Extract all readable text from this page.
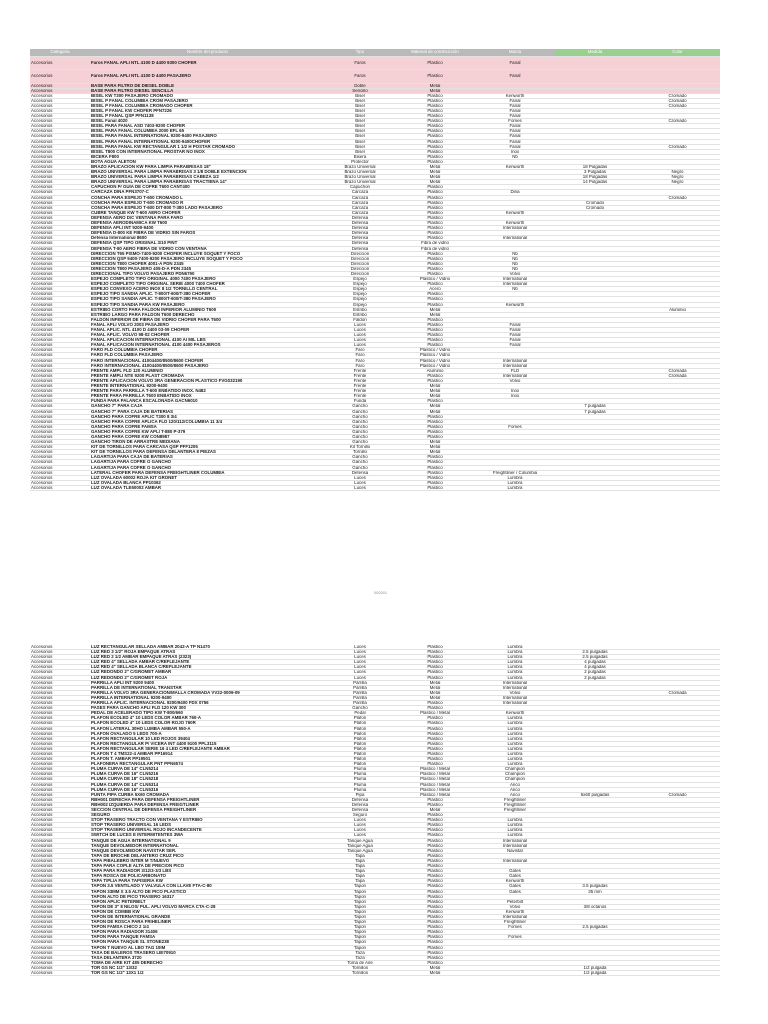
Categoría	Nombre del producto	Tipo	Material de construcción	Marca	Medida	Color
Accesorios	Faros FANAL APLI NTL 4100 D 4400 9300 CHOFER	Faros	Plastico	Fanal		
Accesorios	Faros FANAL APLI NTL 4100 D 4400 PASAJERO	Faros	Plastico	Fanal		
Accesorios	BASE PARA FILTRO DE DIESEL DOBLE	Doble	Metal			
Accesorios	BASE PARA FILTRO DIESEL SENCILLA	Sencillo	Metal			
Accesorios	BISEL KW T300 PASAJERO CROMADO	Bisel	Plastico	Kenworth		Cromado
Accesorios	BISEL P FANAL COLUMBIA CROM PASAJERO	Bisel	Plastico	Fanal		Cromado
Accesorios	BISEL P FANAL COLUMBIA CROMADO CHOFER	Bisel	Plastico	Fanal		Cromado
Accesorios	BISEL P FANAL KW CHOFER PFN7226	Bisel	Plastico	Fanal		
Accesorios	BISEL P FANAL QSP PFN1138	Bisel	Plastico	Fanal		
Accesorios	BISEL Fanal 4020	Bisel	Plastico	Fomes		Cromado
Accesorios	BISEL PARA FANAL ASD 7403-9200 CHOFER	Bisel	Plastico	Fanal		
Accesorios	BISEL PARA FANAL COLUMBIA 2000 EFL 65	Bisel	Plastico	Fanal		
Accesorios	BISEL PARA FANAL INTERNATIONAL 9200-9400 PASAJERO	Bisel	Plastico	Fanal		
Accesorios	BISEL PARA FANAL INTERNATIONAL 9200-9400CHOFER	Bisel	Plastico	Fanal		
Accesorios	BISEL PARA FANAL KW RECTANGULAR 1 1/2 H POSTAR CROMADO	Bisel	Plastico	Fanal		Cromado
Accesorios	BISEL T800 CON INTERNATIONAL PROSTAR NO INOX	Bisel	Plastico	Inox		
Accesorios	BICERA F800	Bisera	Plastico	Nb		
Accesorios	BOTA AGUA ALETON	Protector	Plastico			
Accesorios	BRAZO APLICACION KW PARA LIMPIA PARABRISAS 18"	Brazo Universal	Metal	Kenworth	18 Pulgadas	
Accesorios	BRAZO UNIVERSAL PARA LIMPIA PARABRISAS 3 1/8 DOBLE EXTENCION	Brazo Universal	Metal		3 Pulgadas	Negro
Accesorios	BRAZO UNIVERSAL PARA LIMPIA PARABRISAS CABEZA 1/2	Brazo Universal	Metal		18 Pulgadas	Negro
Accesorios	BRAZO UNIVERSAL PARA LIMPIA PARABRISAS TRACTIENA 14"	Brazo Universal	Metal		14 Pulgadas	Negro
Accesorios	CAPUCHON P/ GUIA DE COFRE T600 CANT400	Capuchon	Plastico			
Accesorios	CARCAZA DINA PFN3707-C	Carcaza	Plastico	Dina		
Accesorios	CONCHA PARA ESPEJO T-600 CROMADO L	Carcaza	Plastico			Cromado
Accesorios	CONCHA PARA ESPEJO T-600 CROMADO R	Carcaza	Plastico		Cromado	
Accesorios	CONCHA PARA ESPEJO T-600 D/T-800 T-380 LADO PASAJERO	Carcaza	Plastico		Cromado	
Accesorios	CUBRE TANQUE KW T-600 AERO CHOFER	Carcaza	Plastico	Kenworth		
Accesorios	DEFENSA AERO D/C VENTANA PARA FARO	Defensa	Plastico			
Accesorios	DEFENSA AERODINAMICA KW T600	Defensa	Plastico	Kenworth		
Accesorios	DEFENSA APLI INT 9200-9400	Defensa	Plastico	International		
Accesorios	DEFENSA D-800 KE FIBRA DE VIDRIO SIN FAROS	Defensa	Plastico			
Accesorios	Defensa International 8600	Defensa	Plastico	International		
Accesorios	DEFENSA QSP TIPO ORIGINAL 3/10 PINT	Defensa	Fibra de vidrio			
Accesorios	DEFENSA T-80 AERO FIBRA DE VIDRIO CON VENTANA	Defensa	Fibra de vidrio			
Accesorios	DIRECCION T65 PISMO-7400-9200 CHOFER INCLUYE SOQUET Y FOCO	Direccion	Plastico	Nb		
Accesorios	DIRECCION QSP 9400-7400-9200 PASAJERO INCLUYE SOQUET Y FOCO	Direccion	Plastico	Nb		
Accesorios	DIRECCION T800 CHOFER 4001-A PDN 2345	Direccion	Plastico	Nb		
Accesorios	DIRECCION T800 PASAJERO 405-D-A PDN 2345	Direccion	Plastico	Nb		
Accesorios	DIRECCIONAL TIPO VOLVO PASAJERO PDN6790	Direccion	Plastico	Volvo		
Accesorios	ESPEJO COMPLETO TIPO ORIGINAL 4000 7400 PASAJERO	Espejo	Plastico / Vidrio	International		
Accesorios	ESPEJO COMPLETO TIPO ORIGINAL SERIE 4000 7400 CHOFER	Espejo	Plastico	International		
Accesorios	ESPEJO CONVEXO ACERO INOX 8 1/2 TORNILLO CENTRAL	Espejo	Acero	Nb		
Accesorios	ESPEJO TIPO SANDIA APLIC. T-800/T-600/T-380 CHOFER	Espejo	Plastico			
Accesorios	ESPEJO TIPO SANDIA APLIC. T-800/T-600/T-380 PASAJERO	Espejo	Plastico			
Accesorios	ESPEJO TIPO SANDIA PARA KW PASAJERO	Espejo	Plastico	Kenworth		
Accesorios	ESTRIBO CORTO PARA FALDON INFERIOR ALUMINIO T600	Estribo	Metal			Aluminio
Accesorios	ESTRIBO LARGO PARA FALDON T600 DERECHO	Estribo	Metal			
Accesorios	FALDON INFERIOR DE FIBRA DE VIDRIO CHOFER PARA T600	Faldon	Plastico			
Accesorios	FANAL APLI VOLVO 2003 PASAJERO	Luces	Plastico	Fanal		
Accesorios	FANAL APLIC. NTL 4100 D 4400 03-09 CHOFER	Luces	Plastico	Fanal		
Accesorios	FANAL APLIC. VOLVO 98-02 CHOFER	Luces	Plastico	Fanal		
Accesorios	FANAL APLICACION INTERNATIONAL 4100 AI MIL LBS	Luces	Plastico	Fanal		
Accesorios	FANAL APLICACION INTERNATIONAL 4100 4400 PASAJEROS	Luces	Plastico	Fanal		
Accesorios	FARO FLD COLUMBIA CHOFER	Faro	Plastico / Vidrio			
Accesorios	FARO FLD COLUMBIA PASAJERO	Faro	Plastico / Vidrio			
Accesorios	FARO INTERNACIONAL 41004400/8500/8600 CHOFER	Faro	Plastico / Vidrio	International		
Accesorios	FARO INTERNACIONAL 41004400/8500/8600 PASAJERO	Faro	Plastico / Vidrio	International		
Accesorios	FRENTE AMPL FLD 120 ALUMINIO	Frente	Aluminio	FLD		Cromada
Accesorios	FRENTE AMPLI NTE 9200 PLAST CROMADA	Frente	Plastico	International		Cromada
Accesorios	FRENTE APLICACION VOLVO 3RA GENERACION PLASTICO FVG032190	Frente	Plastico	Volvo		
Accesorios	FRENTE INTERNATIONAL 9200-9400	Frente	Metal			
Accesorios	FRENTE PARA PARRILLA T-600 ENBATIDO INOX. N482	Frente	Metal	Inox		
Accesorios	FRENTE PARA PARRILLA T600 ENBATIDO INOX	Frente	Metal	Inox		
Accesorios	FUNDA PARA PALANCA ESCALONADA GACN6010	Funda	Plastico			
Accesorios	GANCHO 7" PARA CAJA	Gancho	Metal		7 pulgadas	
Accesorios	GANCHO 7" PARA CAJA DE BATERIAS	Gancho	Metal		7 pulgadas	
Accesorios	GANCHO PARA COFRE APLIC T300 8 3/4	Gancho	Plastico			
Accesorios	GANCHO PARA COFRE APLICA FLD 120/112/COLUMBIA 11 3/4	Gancho	Plastico			
Accesorios	GANCHO PARA COFRE FAMSA	Gancho	Plastico	Fomes		
Accesorios	GANCHO PARA COFRE KW APLI T-880 P-379	Gancho	Plastico			
Accesorios	GANCHO PARA COFRE KW CON8987	Gancho	Plastico			
Accesorios	GANCHO TIRON DE ARRASTRE MEDIANA	Gancho	Metal			
Accesorios	KIT DE TORNILLOS PARA CARCASA QSP PFF1205	Kit Tornillo	Metal			
Accesorios	KIT DE TORNILLOS PARA DEFENSA DELANTERA 8 PIEZAS	Tornillo	Metal			
Accesorios	LAGARTIJA PARA CAJA DE BATERIAS	Gancho	Plastico			
Accesorios	LAGARTIJA PARA COFRE O GANCHO	Gancho	Plastico			
Accesorios	LAGARTIJA PARA COFRE O GANCHO	Gancho	Plastico			
Accesorios	LATERAL CHOFER PARA DEFENSA FREIGHTLINER COLUMBIA	Defensa	Plastico	Freightliner / Columbia		
Accesorios	LUZ OVALADA 60002 ROJA KIT GRONET	Luces	Plastico	Lumbra		
Accesorios	LUZ OVALADA BLANCA PP10362	Luces	Plastico	Lumbra		
Accesorios	LUZ OVALADA TLE60002 AMBAR	Luces	Plastico	Lumbra		
000001
Accesorios	LUZ RECTANGULAR SELLADA AMBAR 2042-A TP N1470	Luces	Plastico	Lumbra		
Accesorios	LUZ RED 3 1/2" ROJA EMPAQUE ATRAS	Luces	Plastico	Lumbra	2.5 pulgadas	
Accesorios	LUZ RED 2 1/2 AMBAR EMPAQUE ATRAS (2323)	Luces	Plastico	Lumbra	2.5 pulgadas	
Accesorios	LUZ RED 4" SELLADA AMBAR C/REFLEJANTE	Luces	Plastico	Lumbra	4 pulgadas	
Accesorios	LUZ RED 4" SELLADA BLANCA C/REFLEJANTE	Luces	Plastico	Lumbra	4 pulgadas	
Accesorios	LUZ REDONDO 2" C/GROMET AMBAR	Luces	Plastico	Lumbra	2 pulgadas	
Accesorios	LUZ REDONDO 2" C/GROMET ROJA	Luces	Plastico	Lumbra	2 pulgadas	
Accesorios	PARRILLA APLI INT 9200 9400	Parrilla	Metal	International		
Accesorios	PARRILLA DE INTERNATIONAL TRANSTAR	Parrilla	Metal	International		
Accesorios	PARRILLA VOLVO 3RA GENERACION/MALLA CROMADA VV22-0009-09	Parrilla	Metal	Volvo		Cromada
Accesorios	PARRILLA INTERNATIONAL 9200-9400	Parrilla	Metal	International		
Accesorios	PARRILLA APLIC. INTERNACIONAL 9200/9400 FDX 0756	Parrilla	Plastico	International		
Accesorios	PASES PARA GANCHO APLI FLD 120 KW 300	Gancho	Plastico			
Accesorios	PEDAL DE ACELERADO TIPO KW T-800/660	Pedal	Plastico / Metal	Kenworth		
Accesorios	PLAFON ECOLED 4" 10 LEDS COLOR AMBAR 760-A	Plafon	Plastico	Lumbra		
Accesorios	PLAFON ECOLED 4" 10 LEDS COLOR ROJO 760R	Plafon	Plastico	Lumbra		
Accesorios	PLAFON LATERAL 30HO LUMBA AMBAR 550-A	Plafon	Plastico	Lumbra		
Accesorios	PLAFON OVALADO 5 LEDS 700-A	Plafon	Plastico	Lumbra		
Accesorios	PLAFON RECTANGULAR 10 LED ROJOS 39404	Plafon	Plastico	Lumbra		
Accesorios	PLAFON RECTANGULAR P/ VICERA INT 4400 9100 PPL3115	Plafon	Plastico	Lumbra		
Accesorios	PLAFON RECTANGULAR SERIE 16 4 LED C/REFLEJANTE AMBAR	Plafon	Plastico	Lumbra		
Accesorios	PLAFON T 4 TMS22-4 AMBAR PP16914	Plafon	Plastico	Lumbra		
Accesorios	PLAFON T. AMBAR PP19501	Plafon	Plastico	Lumbra		
Accesorios	PLAFONERA RECTANGULAR PNT PPN6574	Plafon	Plastico	Lumbra		
Accesorios	PLUMA CURVA DE 14" CLN5214	Pluma	Plastico / Metal	Champion		
Accesorios	PLUMA CURVA DE 16" CLN5216	Pluma	Plastico / Metal	Champion		
Accesorios	PLUMA CURVA DE 18" CLN5218	Pluma	Plastico / Metal	Champion		
Accesorios	PLUMA CURVA DE 14" CLN5314	Pluma	Plastico / Metal	Anco		
Accesorios	PLUMA CURVA DE 16" CLN5316	Pluma	Plastico / Metal	Anco		
Accesorios	PUNTA PIPA CURBA 5X60 CROMADA	Pipa	Plastico / Metal	Anco	5x60 pulgadas	Cromado
Accesorios	RBH001 DERECHA PARA DEFENSA FREIGHTLINER	Defensa	Plastico	Freightliner		
Accesorios	RBH002 IZQUIERDA PARA DEFENSA FREIGTLINER	Defensa	Plastico	Freightliner		
Accesorios	SECCION CENTRAL DE DEFENSA FREIGHTLINER	Defensa	Metal	Freightliner		
Accesorios	SEGURO	Seguro	Plastico			
Accesorios	STOP TRASERO TRACTO CON VENTANA Y ESTRIBO	Luces	Plastico	Lumbra		
Accesorios	STOP TRASERO UNIVERSAL 16 LEDS	Luces	Plastico	Lumbra		
Accesorios	STOP TRASERO UNIVERSAL ROJO INCANDECENTE	Luces	Plastico	Lumbra		
Accesorios	SWITCH DE LUCES E INTERMITENTES 3WA	Luces	Plastico	Lumbra		
Accesorios	TANQUE DE AGUA INTERNATIONAL 9	Tanque Agua	Plastico	International		
Accesorios	TANQUE DEVOLMEDOR INTERNATIONAL	Tanque Agua	Plastico	International		
Accesorios	TANQUE DEVOLMEDOR NAVISTAR SER.	Tanque Agua	Plastico	Navistar		
Accesorios	TAPA DE BROCHE DELANTERO CRUZ PICO	Tapa	Plastico			
Accesorios	TAPA PIBALEBRO INTER M T/NUEVO	Tapa	Plastico	International		
Accesorios	TAPA PARA COPLE ALTA DE PRECION PICO	Tapa	Plastico			
Accesorios	TAPA PARA RADIADOR 3/12/3-3/3 LBS	Tapa	Plastico	Gates		
Accesorios	TAPA ROSCA DE POLICARBONATO	Tapa	Plastico	Gates		
Accesorios	TAPA T/PLIA PARA TAPISERIA KW	Tapa	Plastico	Kenworth		
Accesorios	TAPON 3.5 VENTILADO Y VALVULA CON LLAVE FTA-C-80	Tapon	Plastico	Gates	3.5 pulgadas	
Accesorios	TAPON 33MM X 3.5 ALTO DE PICO PLASTICO	Tapon	Plastico	Gates	35 mm	
Accesorios	TAPON ALTO DE PICO TRASERO 16317	Tapon	Plastico			
Accesorios	TAPON APLIC PETERBILT	Tapon	Plastico	Peterbilt		
Accesorios	TAPON DE 3" 8 NILOS/ PUL. APLI VOLVO MARCA CTA-C-28	Tapon	Plastico	Volvo	3/8 octanos	
Accesorios	TAPON DE COMBB KW	Tapon	Plastico	Kenworth		
Accesorios	TAPON DE INTERNATIONAL GRANDE	Tapon	Plastico	International		
Accesorios	TAPON DE ROSCA PARA FRIHELINER	Tapon	Plastico	Freightliner		
Accesorios	TAPON FAMSA CHICO 2 1/4	Tapon	Plastico	Fomes	2.5 pulgadas	
Accesorios	TAPON PARA RADIADOR 31406	Tapon	Plastico			
Accesorios	TAPON PARA TANQUE FAMSA	Tapon	Plastico	Fomes		
Accesorios	TAPON PARA TANQUE SL STONE238	Tapon	Plastico			
Accesorios	TAPON T NUEVO AL LBO TAG 10IM	Tapon	Plastico			
Accesorios	TASA DE BALEROS TRASERO LBI70910	Taza	Plastico			
Accesorios	TASA DELANTERA 3720	Taza	Plastico			
Accesorios	TOMA DE AIRE KIT 485 DERECHO	Toma de Aire	Plastico			
Accesorios	TOR GS NC 1/2" 13/32	Tornillos	Metal		1/2 pulgada	
Accesorios	TOR GS NC 1/2" 13X1 1/2	Tornillos	Metal		1/2 pulgada	
